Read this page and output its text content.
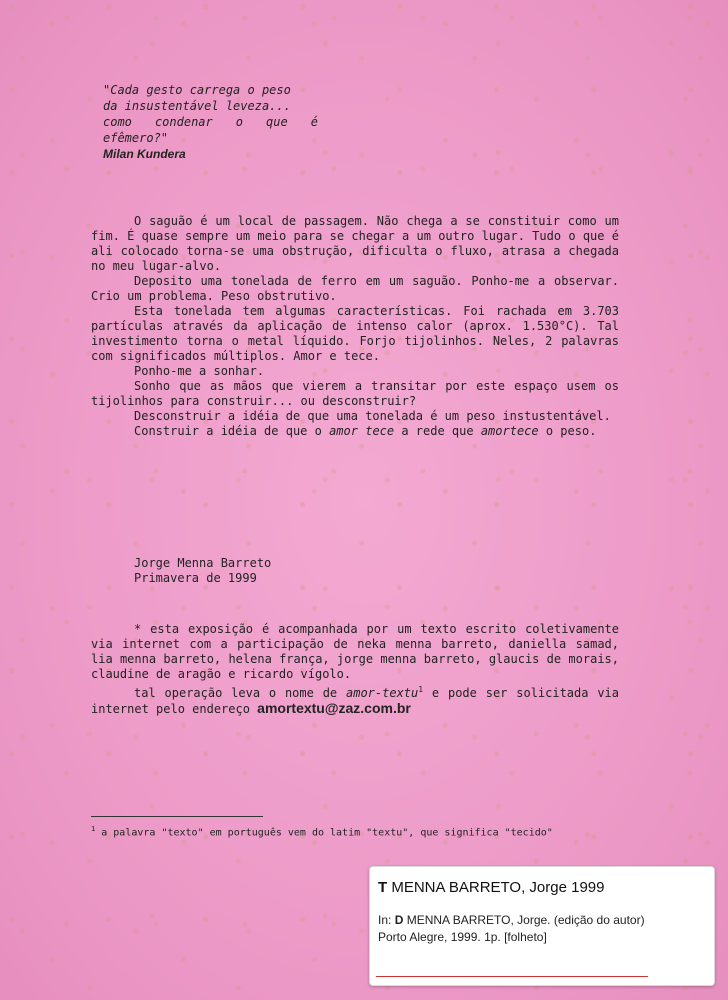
"Cada gesto carrega o peso
da insustentável leveza...
como condenar o que é
efêmero?"
Milan Kundera

O saguão é um local de passagem. Não chega a se constituir como um fim. É quase sempre um meio para se chegar a um outro lugar. Tudo o que é ali colocado torna-se uma obstrução, dificulta o fluxo, atrasa a chegada no meu lugar-alvo.

Deposito uma tonelada de ferro em um saguão. Ponho-me a observar. Crio um problema. Peso obstrutivo.

Esta tonelada tem algumas características. Foi rachada em 3.703 partículas através da aplicação de intenso calor (aprox. 1.530°C). Tal investimento torna o metal líquido. Forjo tijolinhos. Neles, 2 palavras com significados múltiplos. Amor e tece.

Ponho-me a sonhar.

Sonho que as mãos que vierem a transitar por este espaço usem os tijolinhos para construir... ou desconstruir?

Desconstruir a idéia de que uma tonelada é um peso instustentável.

Construir a idéia de que o amor tece a rede que amortece o peso.

Jorge Menna Barreto
Primavera de 1999

* esta exposição é acompanhada por um texto escrito coletivamente via internet com a participação de neka menna barreto, daniella samad, lia menna barreto, helena frança, jorge menna barreto, glaucis de morais, claudine de aragão e ricardo vígolo.

tal operação leva o nome de amor-textu$^1$ e pode ser solicitada via internet pelo endereço amortextu@zaz.com.br

$^1$ a palavra "texto" em português vem do latim "textu", que significa "tecido"
T MENNA BARRETO, Jorge 1999
In: D MENNA BARRETO, Jorge. (edição do autor)
Porto Alegre, 1999. 1p. [folheto]
